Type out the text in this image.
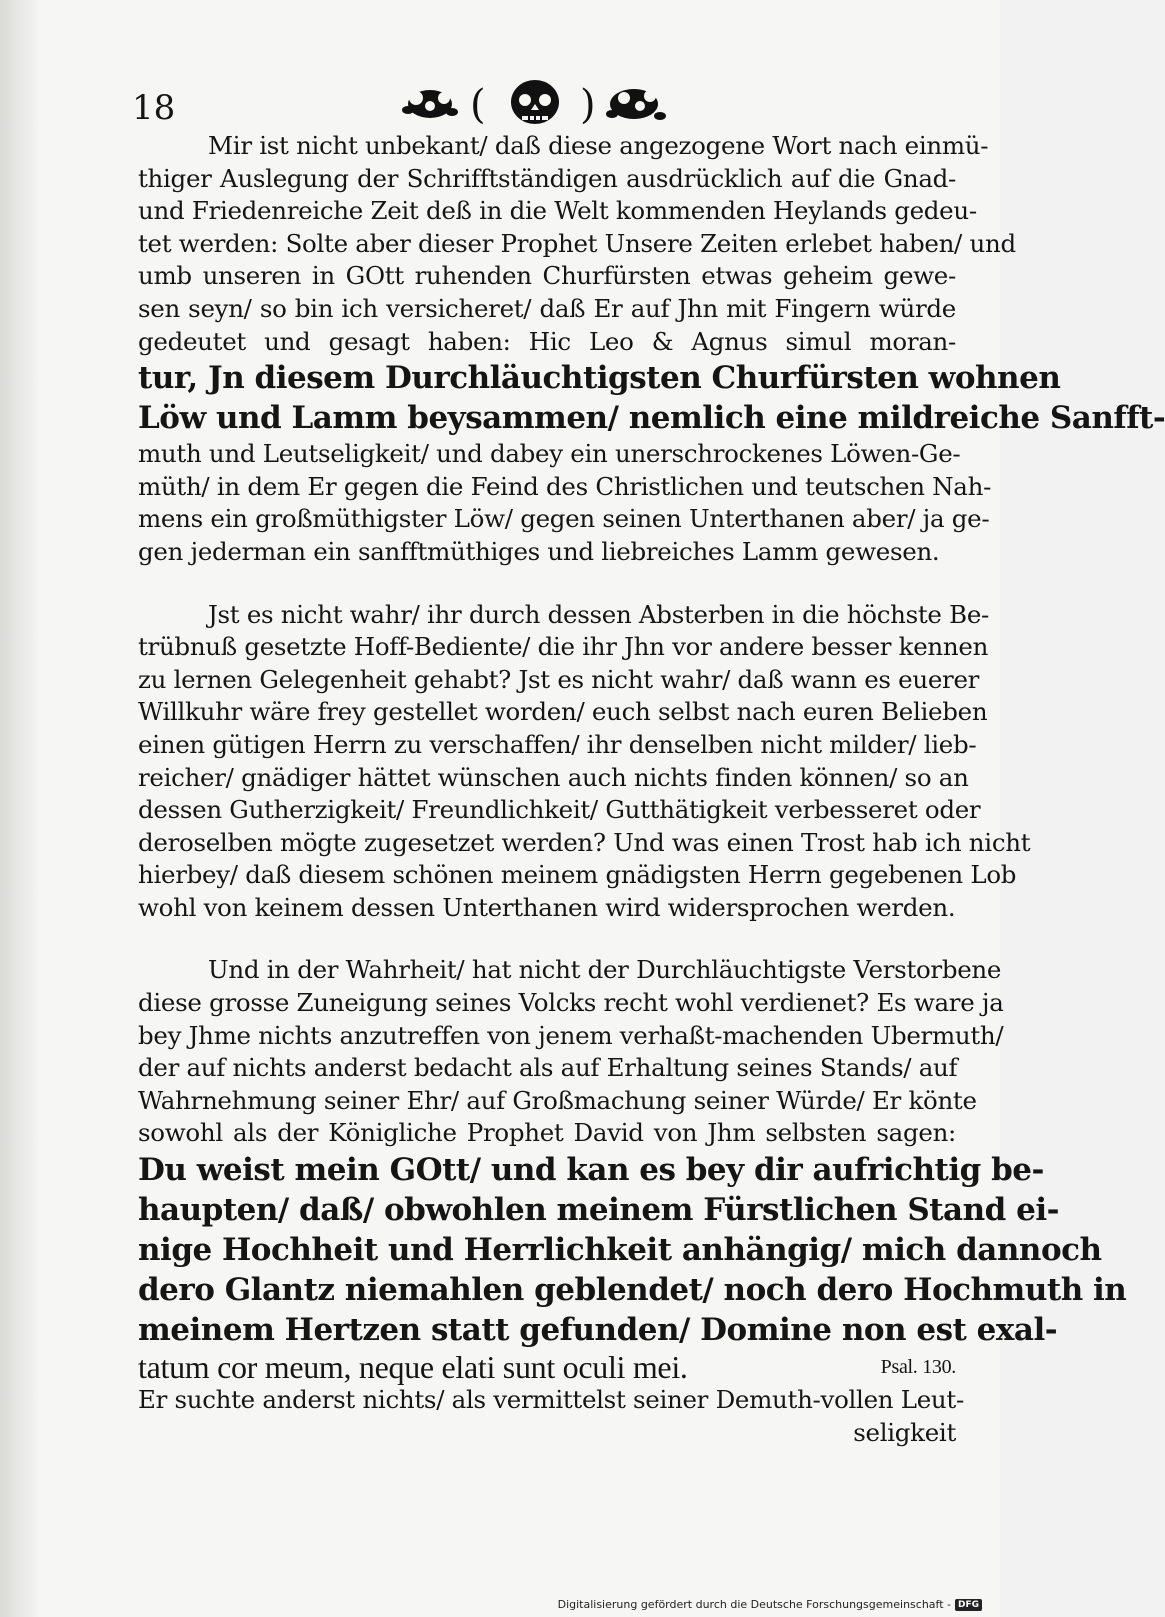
18	( )
Mir ist nicht unbekant/ daß diese angezogene Wort nach einmü-
thiger Auslegung der Schrifftständigen ausdrücklich auf die Gnad-
und Friedenreiche Zeit deß in die Welt kommenden Heylands gedeu-
tet werden: Solte aber dieser Prophet Unsere Zeiten erlebet haben/ und
umb unseren in GOtt ruhenden Churfürsten etwas geheim gewe-
sen seyn/ so bin ich versicheret/ daß Er auf Jhn mit Fingern würde
gedeutet und gesagt haben: Hic Leo & Agnus simul moran-
tur, Jn diesem Durchläuchtigsten Churfürsten wohnen
Löw und Lamm beysammen/ nemlich eine mildreiche Sanfft-
muth und Leutseligkeit/ und dabey ein unerschrockenes Löwen-Ge-
müth/ in dem Er gegen die Feind des Christlichen und teutschen Nah-
mens ein großmüthigster Löw/ gegen seinen Unterthanen aber/ ja ge-
gen jederman ein sanfftmüthiges und liebreiches Lamm gewesen.
Jst es nicht wahr/ ihr durch dessen Absterben in die höchste Be-
trübnuß gesetzte Hoff-Bediente/ die ihr Jhn vor andere besser kennen
zu lernen Gelegenheit gehabt? Jst es nicht wahr/ daß wann es euerer
Willkuhr wäre frey gestellet worden/ euch selbst nach euren Belieben
einen gütigen Herrn zu verschaffen/ ihr denselben nicht milder/ lieb-
reicher/ gnädiger hättet wünschen auch nichts finden können/ so an
dessen Gutherzigkeit/ Freundlichkeit/ Gutthätigkeit verbesseret oder
deroselben mögte zugesetzet werden? Und was einen Trost hab ich nicht
hierbey/ daß diesem schönen meinem gnädigsten Herrn gegebenen Lob
wohl von keinem dessen Unterthanen wird widersprochen werden.
Und in der Wahrheit/ hat nicht der Durchläuchtigste Verstorbene
diese grosse Zuneigung seines Volcks recht wohl verdienet? Es ware ja
bey Jhme nichts anzutreffen von jenem verhaßt-machenden Ubermuth/
der auf nichts anderst bedacht als auf Erhaltung seines Stands/ auf
Wahrnehmung seiner Ehr/ auf Großmachung seiner Würde/ Er könte
sowohl als der Königliche Prophet David von Jhm selbsten sagen:
Du weist mein GOtt/ und kan es bey dir aufrichtig be-
haupten/ daß/ obwohlen meinem Fürstlichen Stand ei-
nige Hochheit und Herrlichkeit anhängig/ mich dannoch
dero Glantz niemahlen geblendet/ noch dero Hochmuth in
meinem Hertzen statt gefunden/ Domine non est exal-
tatum cor meum, neque elati sunt oculi mei.	Psal. 130.
Er suchte anderst nichts/ als vermittelst seiner Demuth-vollen Leut-
seligkeit
Digitalisierung gefördert durch die Deutsche Forschungsgemeinschaft - DFG
